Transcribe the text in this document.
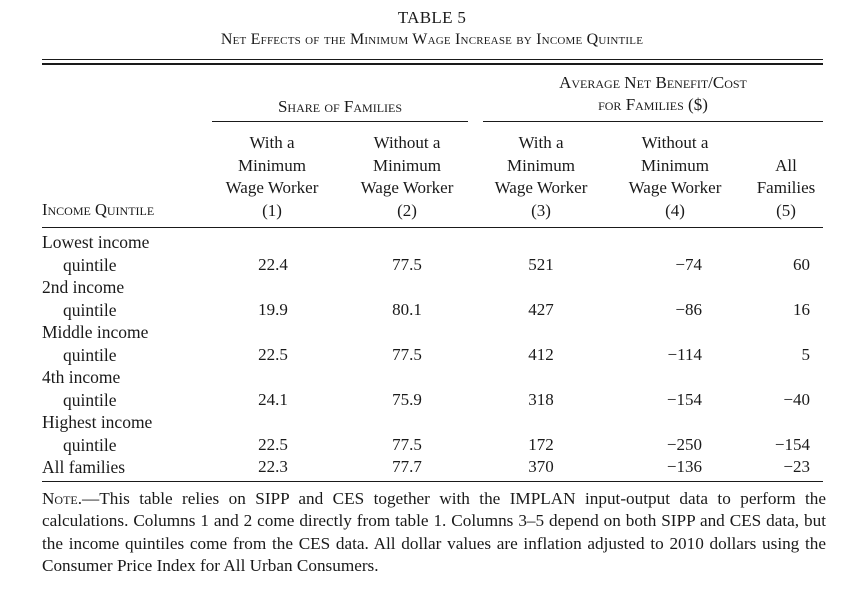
TABLE 5
Net Effects of the Minimum Wage Increase by Income Quintile
Average Net Benefit/Cost
for Families ($)
Share of Families
Income Quintile
With a
Minimum
Wage Worker
(1)
Without a
Minimum
Wage Worker
(2)
With a
Minimum
Wage Worker
(3)
Without a
Minimum
Wage Worker
(4)

All
Families
(5)
Lowest income
quintile	22.4	77.5	521	−74	60
2nd income
quintile	19.9	80.1	427	−86	16
Middle income
quintile	22.5	77.5	412	−114	5
4th income
quintile	24.1	75.9	318	−154	−40
Highest income
quintile	22.5	77.5	172	−250	−154
All families	22.3	77.7	370	−136	−23
Note.—This table relies on SIPP and CES together with the IMPLAN input-output data to perform the calculations. Columns 1 and 2 come directly from table 1. Columns 3–5 depend on both SIPP and CES data, but the income quintiles come from the CES data. All dollar values are inflation adjusted to 2010 dollars using the Consumer Price Index for All Urban Consumers.
